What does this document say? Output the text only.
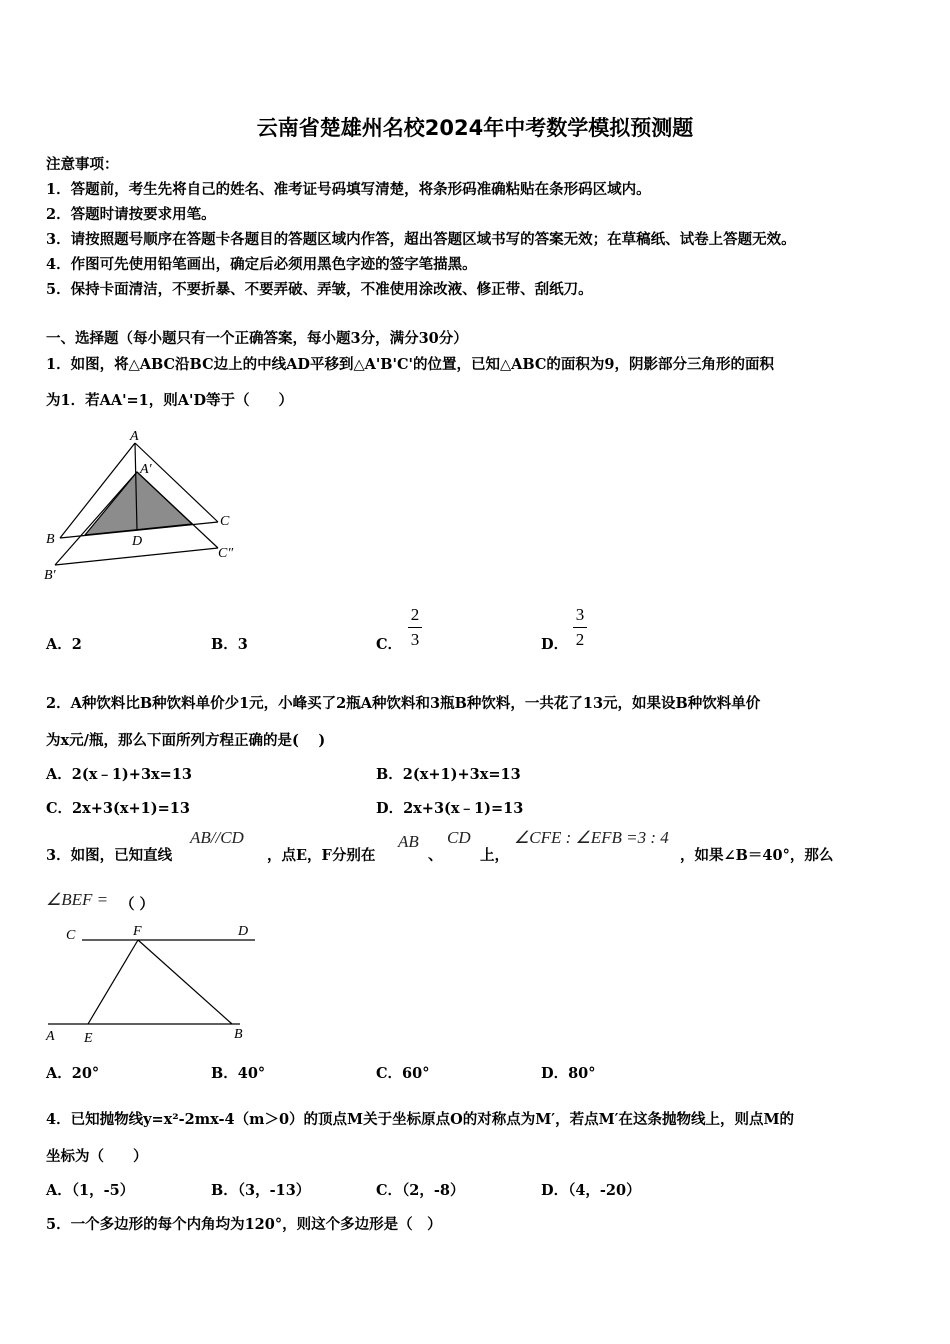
云南省楚雄州名校2024年中考数学模拟预测题
注意事项：
1．答题前，考生先将自己的姓名、准考证号码填写清楚，将条形码准确粘贴在条形码区域内。
2．答题时请按要求用笔。
3．请按照题号顺序在答题卡各题目的答题区域内作答，超出答题区域书写的答案无效；在草稿纸、试卷上答题无效。
4．作图可先使用铅笔画出，确定后必须用黑色字迹的签字笔描黑。
5．保持卡面清洁，不要折暴、不要弄破、弄皱，不准使用涂改液、修正带、刮纸刀。
一、选择题（每小题只有一个正确答案，每小题3分，满分30分）
1．如图，将△ABC沿BC边上的中线AD平移到△A'B'C'的位置，已知△ABC的面积为9，阴影部分三角形的面积
为1．若AA'=1，则A'D等于（　　）
A
A′
B
C
D
B′
C″
A．2	B．3	C．
2
3	D．
3
2
2．A种饮料比B种饮料单价少1元，小峰买了2瓶A种饮料和3瓶B种饮料，一共花了13元，如果设B种饮料单价
为x元/瓶，那么下面所列方程正确的是(　 )
A．2(x﹣1)+3x=13	B．2(x+1)+3x=13
C．2x+3(x+1)=13	D．2x+3(x﹣1)=13
3．如图，已知直线
AB//CD
，点E，F分别在
AB
、
CD
上，
∠CFE : ∠EFB =3 : 4
，如果∠B＝40°，那么
∠BEF = （ ）
C	F	D
A E	B
A．20°	B．40°	C．60°	D．80°
4．已知抛物线y=x²-2mx-4（m＞0）的顶点M关于坐标原点O的对称点为M′，若点M′在这条抛物线上，则点M的
坐标为（　　）
A．（1，-5）	B．（3，-13）	C．（2，-8）	D．（4，-20）
5．一个多边形的每个内角均为120°，则这个多边形是（　）
